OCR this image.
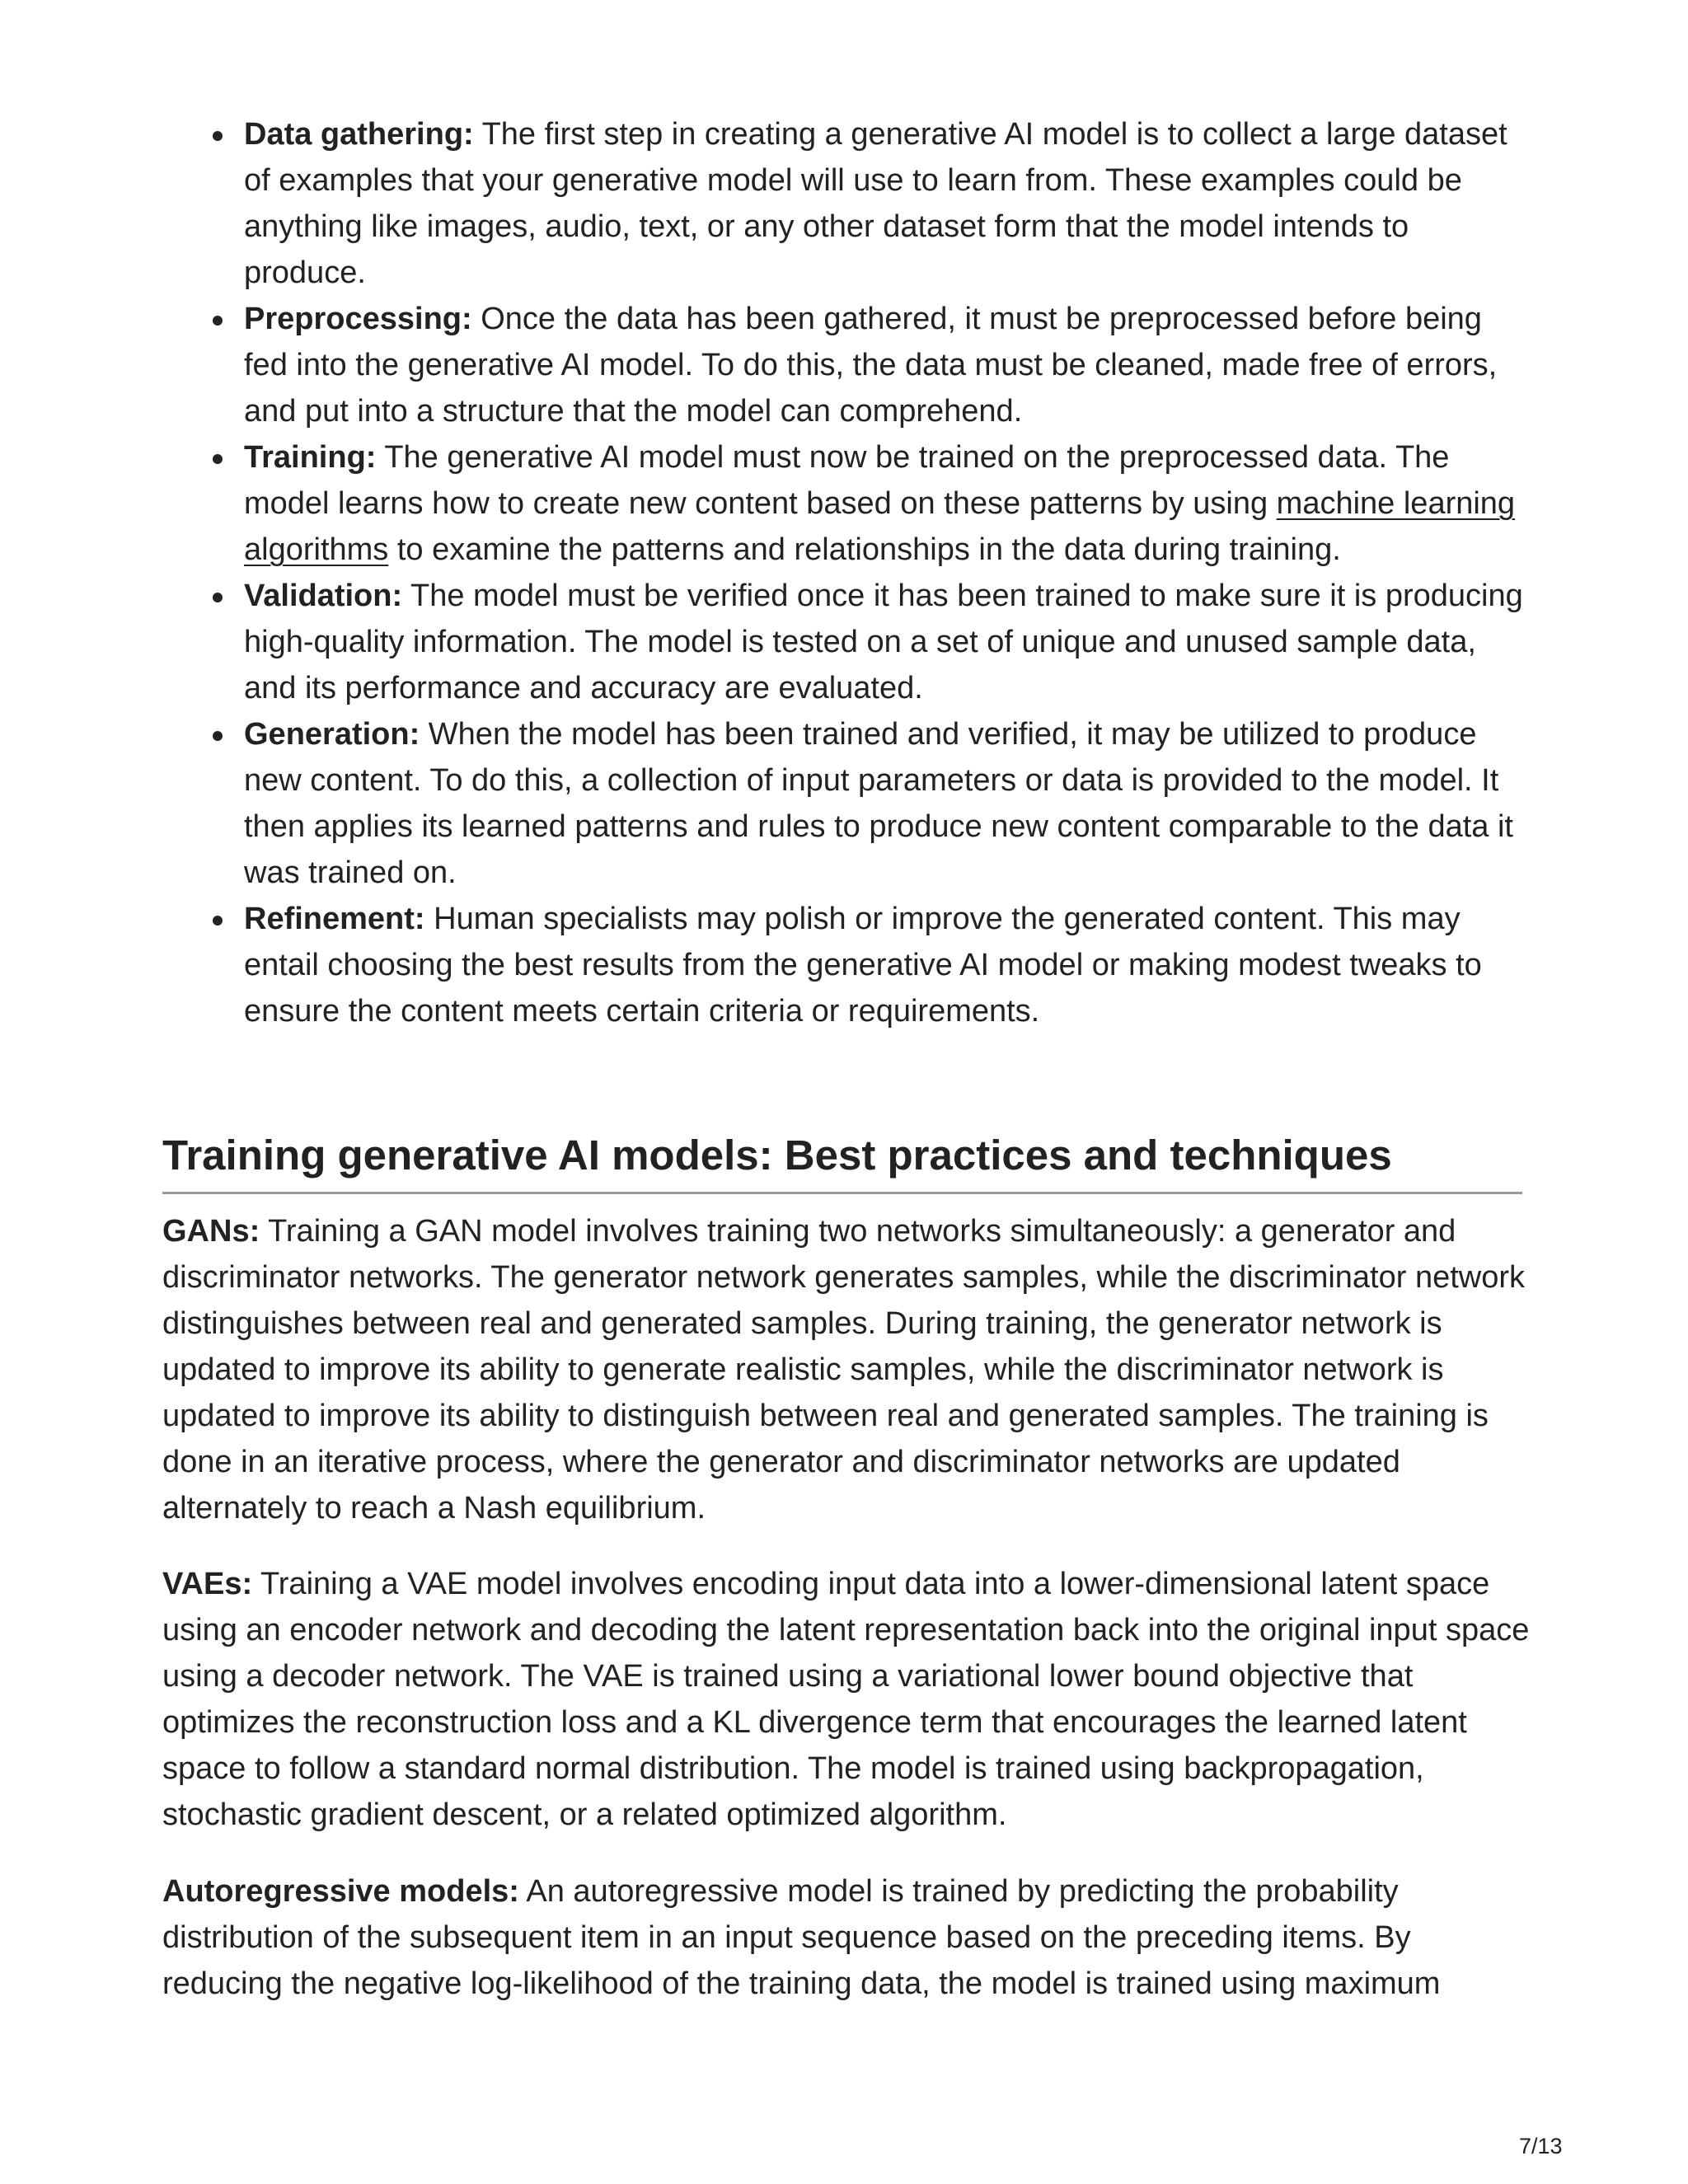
Data gathering: The first step in creating a generative AI model is to collect a large dataset of examples that your generative model will use to learn from. These examples could be anything like images, audio, text, or any other dataset form that the model intends to produce.
Preprocessing: Once the data has been gathered, it must be preprocessed before being fed into the generative AI model. To do this, the data must be cleaned, made free of errors, and put into a structure that the model can comprehend.
Training: The generative AI model must now be trained on the preprocessed data. The model learns how to create new content based on these patterns by using machine learning algorithms to examine the patterns and relationships in the data during training.
Validation: The model must be verified once it has been trained to make sure it is producing high-quality information. The model is tested on a set of unique and unused sample data, and its performance and accuracy are evaluated.
Generation: When the model has been trained and verified, it may be utilized to produce new content. To do this, a collection of input parameters or data is provided to the model. It then applies its learned patterns and rules to produce new content comparable to the data it was trained on.
Refinement: Human specialists may polish or improve the generated content. This may entail choosing the best results from the generative AI model or making modest tweaks to ensure the content meets certain criteria or requirements.
Training generative AI models: Best practices and techniques

GANs: Training a GAN model involves training two networks simultaneously: a generator and discriminator networks. The generator network generates samples, while the discriminator network distinguishes between real and generated samples. During training, the generator network is updated to improve its ability to generate realistic samples, while the discriminator network is updated to improve its ability to distinguish between real and generated samples. The training is done in an iterative process, where the generator and discriminator networks are updated alternately to reach a Nash equilibrium.

VAEs: Training a VAE model involves encoding input data into a lower-dimensional latent space using an encoder network and decoding the latent representation back into the original input space using a decoder network. The VAE is trained using a variational lower bound objective that optimizes the reconstruction loss and a KL divergence term that encourages the learned latent space to follow a standard normal distribution. The model is trained using backpropagation, stochastic gradient descent, or a related optimized algorithm.

Autoregressive models: An autoregressive model is trained by predicting the probability distribution of the subsequent item in an input sequence based on the preceding items. By reducing the negative log-likelihood of the training data, the model is trained using maximum

7/13
